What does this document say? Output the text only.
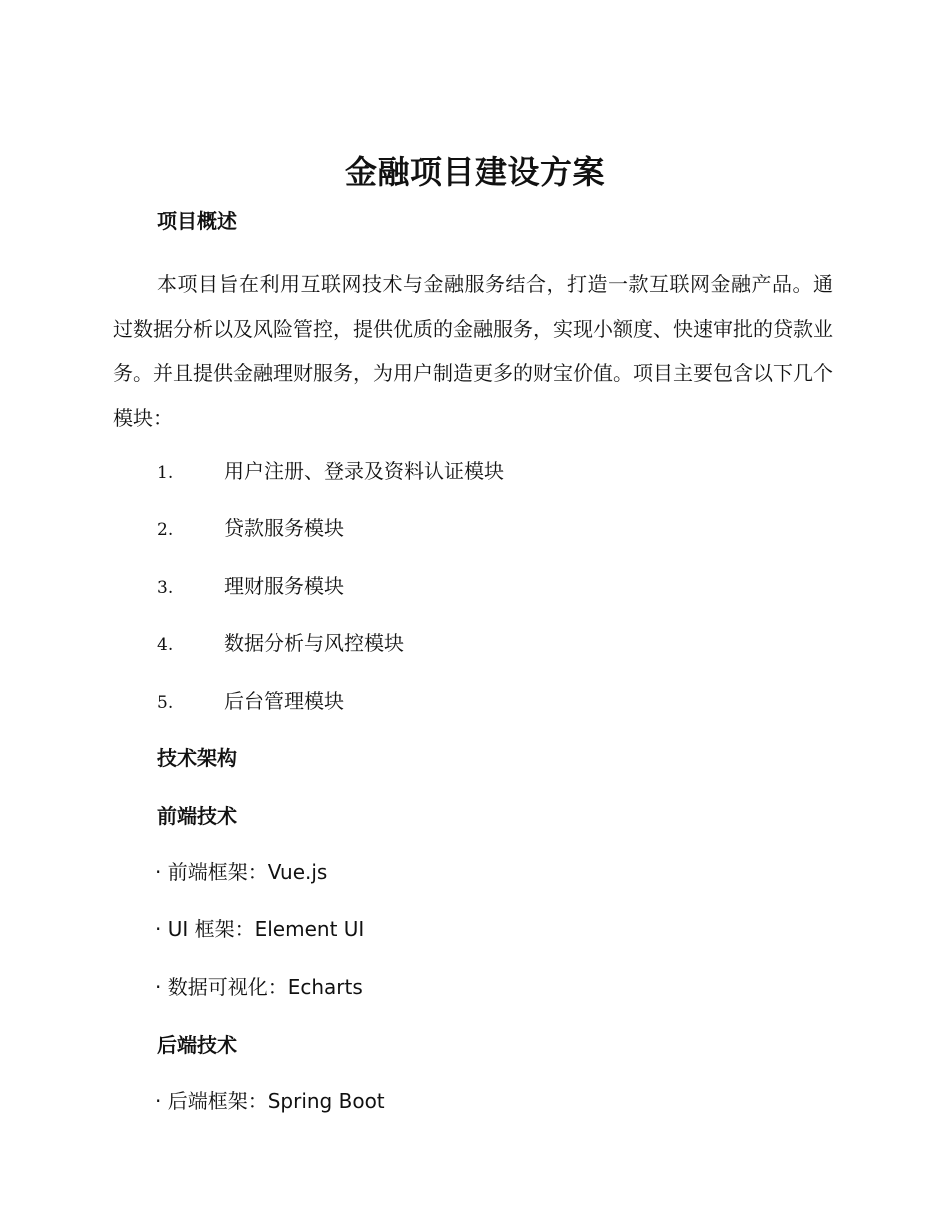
金融项目建设方案
项目概述
本项目旨在利用互联网技术与金融服务结合，打造一款互联网金融产品。通过数据分析以及风险管控，提供优质的金融服务，实现小额度、快速审批的贷款业务。并且提供金融理财服务，为用户制造更多的财宝价值。项目主要包含以下几个模块：
1.	用户注册、登录及资料认证模块
2.	贷款服务模块
3.	理财服务模块
4.	数据分析与风控模块
5.	后台管理模块
技术架构
前端技术
· 前端框架：Vue.js
· UI 框架：Element UI
· 数据可视化：Echarts
后端技术
· 后端框架：Spring Boot
